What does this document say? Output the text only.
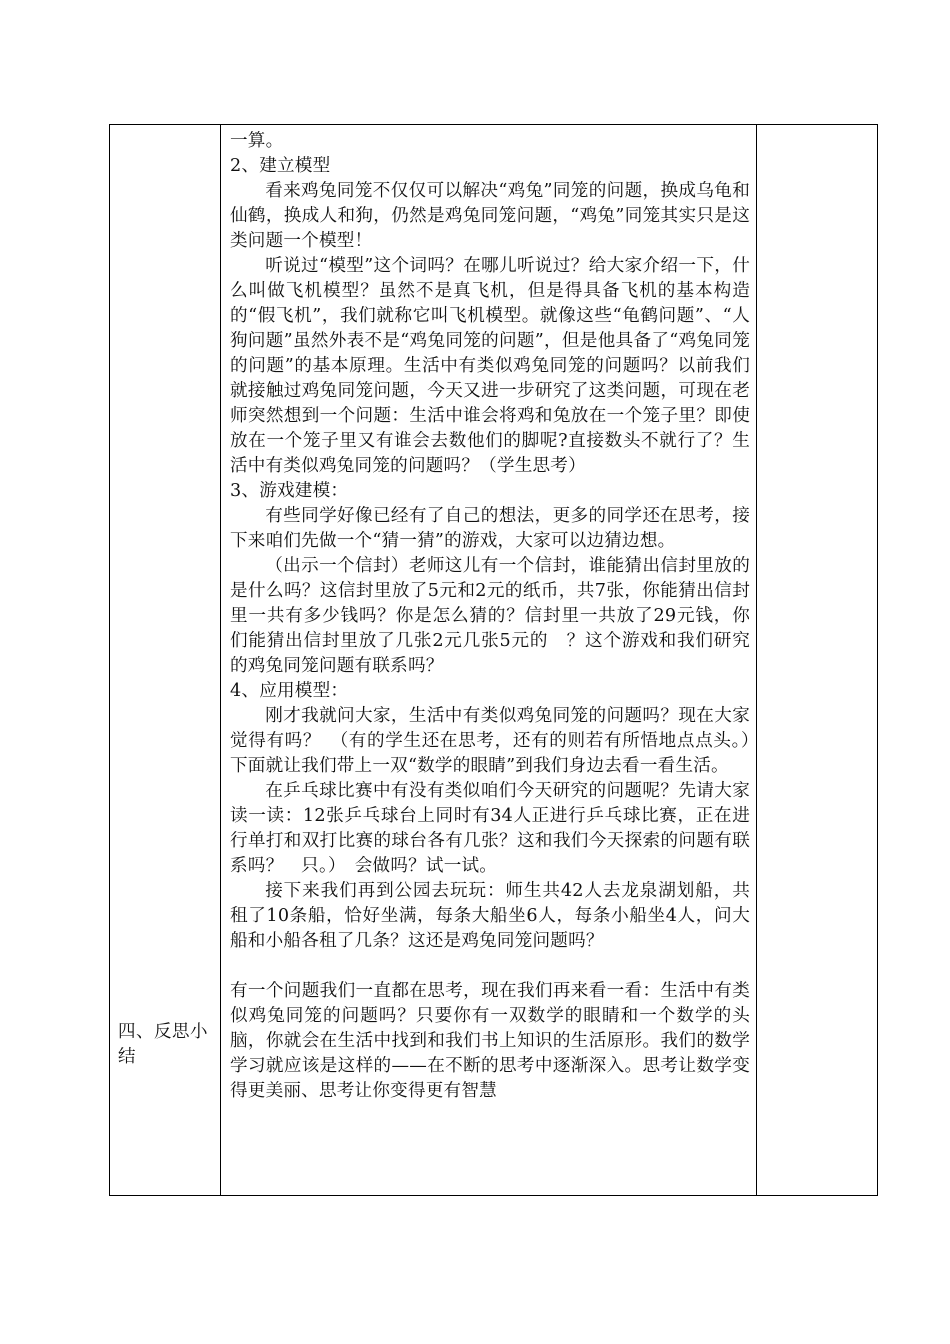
四、反思小结

一算。

2、建立模型

看来鸡兔同笼不仅仅可以解决“鸡兔”同笼的问题，换成乌龟和仙鹤，换成人和狗，仍然是鸡兔同笼问题，“鸡兔”同笼其实只是这类问题一个模型！

听说过“模型”这个词吗？在哪儿听说过？给大家介绍一下，什么叫做飞机模型？虽然不是真飞机，但是得具备飞机的基本构造的“假飞机”，我们就称它叫飞机模型。就像这些“龟鹤问题”、“人狗问题”虽然外表不是“鸡兔同笼的问题”，但是他具备了“鸡兔同笼的问题”的基本原理。生活中有类似鸡兔同笼的问题吗？以前我们就接触过鸡兔同笼问题，今天又进一步研究了这类问题，可现在老师突然想到一个问题：生活中谁会将鸡和兔放在一个笼子里？即使放在一个笼子里又有谁会去数他们的脚呢?直接数头不就行了？生活中有类似鸡兔同笼的问题吗？（学生思考）

3、游戏建模：

有些同学好像已经有了自己的想法，更多的同学还在思考，接下来咱们先做一个“猜一猜”的游戏，大家可以边猜边想。

（出示一个信封）老师这儿有一个信封，谁能猜出信封里放的是什么吗？这信封里放了5元和2元的纸币，共7张，你能猜出信封里一共有多少钱吗？你是怎么猜的？信封里一共放了29元钱，你们能猜出信封里放了几张2元几张5元的　？这个游戏和我们研究的鸡兔同笼问题有联系吗？

4、应用模型：

刚才我就问大家，生活中有类似鸡兔同笼的问题吗？现在大家觉得有吗？　（有的学生还在思考，还有的则若有所悟地点点头。）　下面就让我们带上一双“数学的眼睛”到我们身边去看一看生活。

在乒乓球比赛中有没有类似咱们今天研究的问题呢？先请大家读一读：12张乒乓球台上同时有34人正进行乒乓球比赛，正在进行单打和双打比赛的球台各有几张？这和我们今天探索的问题有联系吗？　只。）　会做吗？试一试。

接下来我们再到公园去玩玩：师生共42人去龙泉湖划船，共租了10条船，恰好坐满，每条大船坐6人，每条小船坐4人，问大船和小船各租了几条？这还是鸡兔同笼问题吗？

有一个问题我们一直都在思考，现在我们再来看一看：生活中有类似鸡兔同笼的问题吗？只要你有一双数学的眼睛和一个数学的头脑，你就会在生活中找到和我们书上知识的生活原形。我们的数学学习就应该是这样的——在不断的思考中逐渐深入。思考让数学变得更美丽、思考让你变得更有智慧
